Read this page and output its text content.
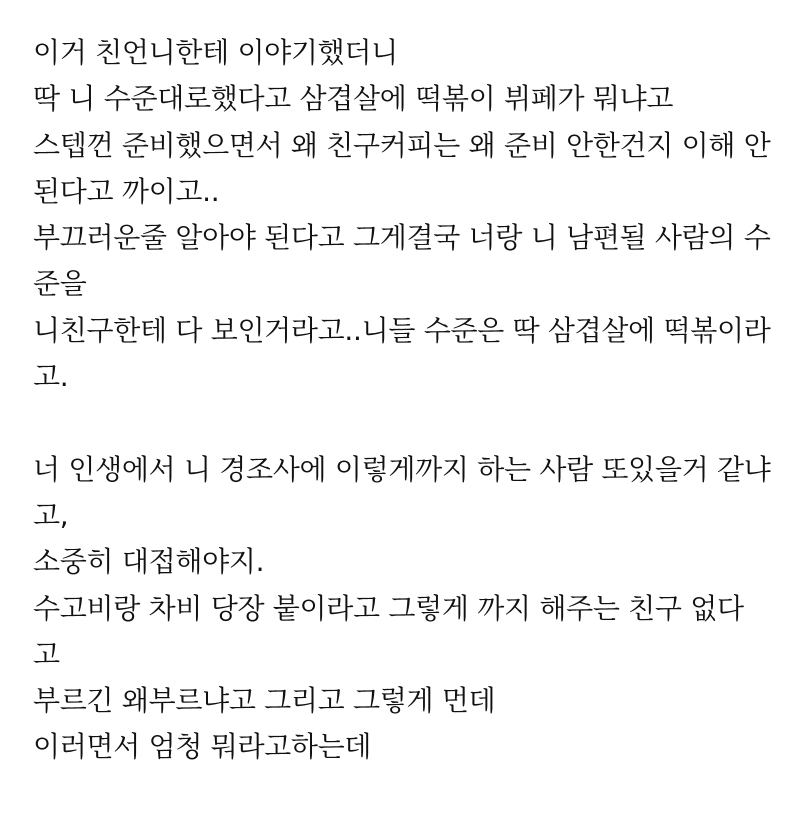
이거 친언니한테 이야기했더니
딱 니 수준대로했다고 삼겹살에 떡볶이 뷔페가 뭐냐고
스텝껀 준비했으면서 왜 친구커피는 왜 준비 안한건지 이해 안
된다고 까이고..
부끄러운줄 알아야 된다고 그게결국 너랑 니 남편될 사람의 수
준을
니친구한테 다 보인거라고..니들 수준은 딱 삼겹살에 떡볶이라
고.
너 인생에서 니 경조사에 이렇게까지 하는 사람 또있을거 같냐
고,
소중히 대접해야지.
수고비랑 차비 당장 붙이라고 그렇게 까지 해주는 친구 없다
고
부르긴 왜부르냐고 그리고 그렇게 먼데
이러면서 엄청 뭐라고하는데
